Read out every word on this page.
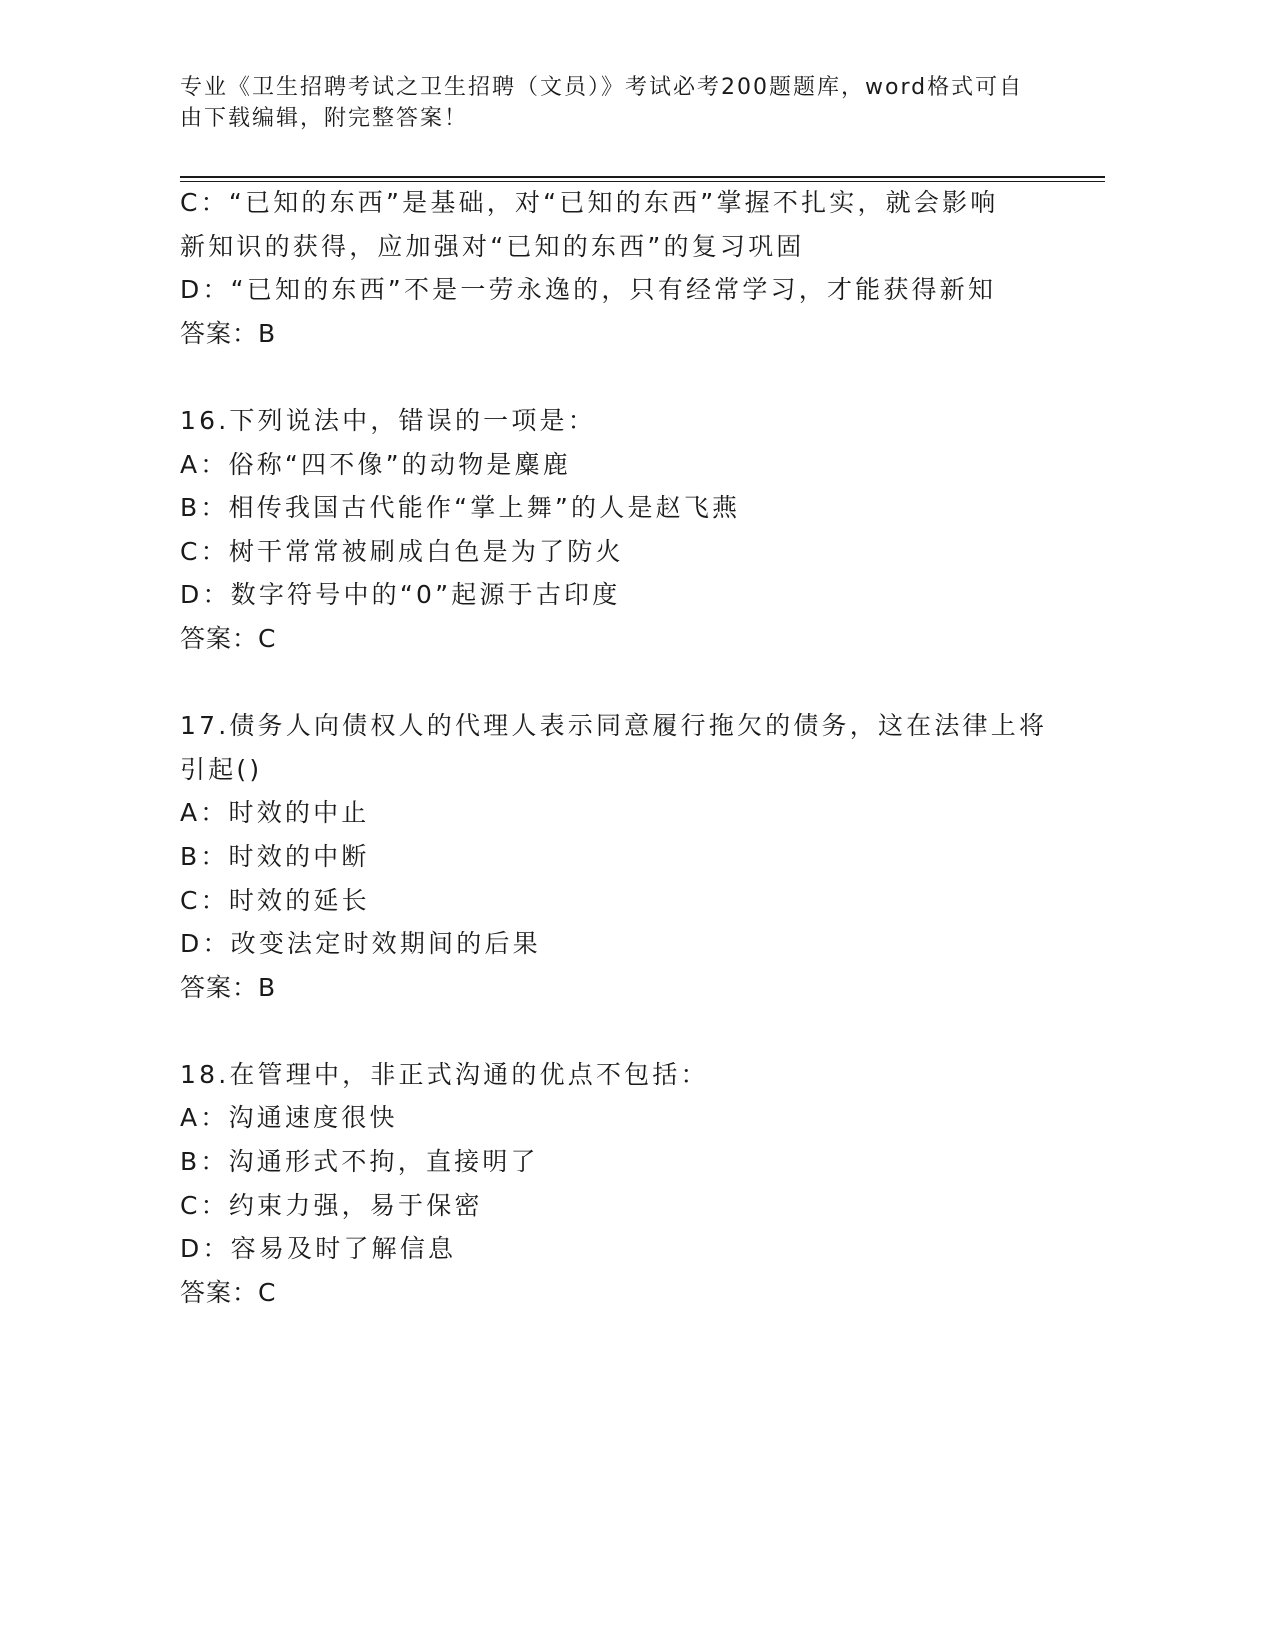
专业《卫生招聘考试之卫生招聘（文员）》考试必考200题题库，word格式可自
由下载编辑，附完整答案！
C：“已知的东西”是基础，对“已知的东西”掌握不扎实，就会影响
新知识的获得，应加强对“已知的东西”的复习巩固
D：“已知的东西”不是一劳永逸的，只有经常学习，才能获得新知
答案：B
16.下列说法中，错误的一项是：
A：俗称“四不像”的动物是麋鹿
B：相传我国古代能作“掌上舞”的人是赵飞燕
C：树干常常被刷成白色是为了防火
D：数字符号中的“0”起源于古印度
答案：C
17.债务人向债权人的代理人表示同意履行拖欠的债务，这在法律上将
引起()
A：时效的中止
B：时效的中断
C：时效的延长
D：改变法定时效期间的后果
答案：B
18.在管理中，非正式沟通的优点不包括：
A：沟通速度很快
B：沟通形式不拘，直接明了
C：约束力强，易于保密
D：容易及时了解信息
答案：C
